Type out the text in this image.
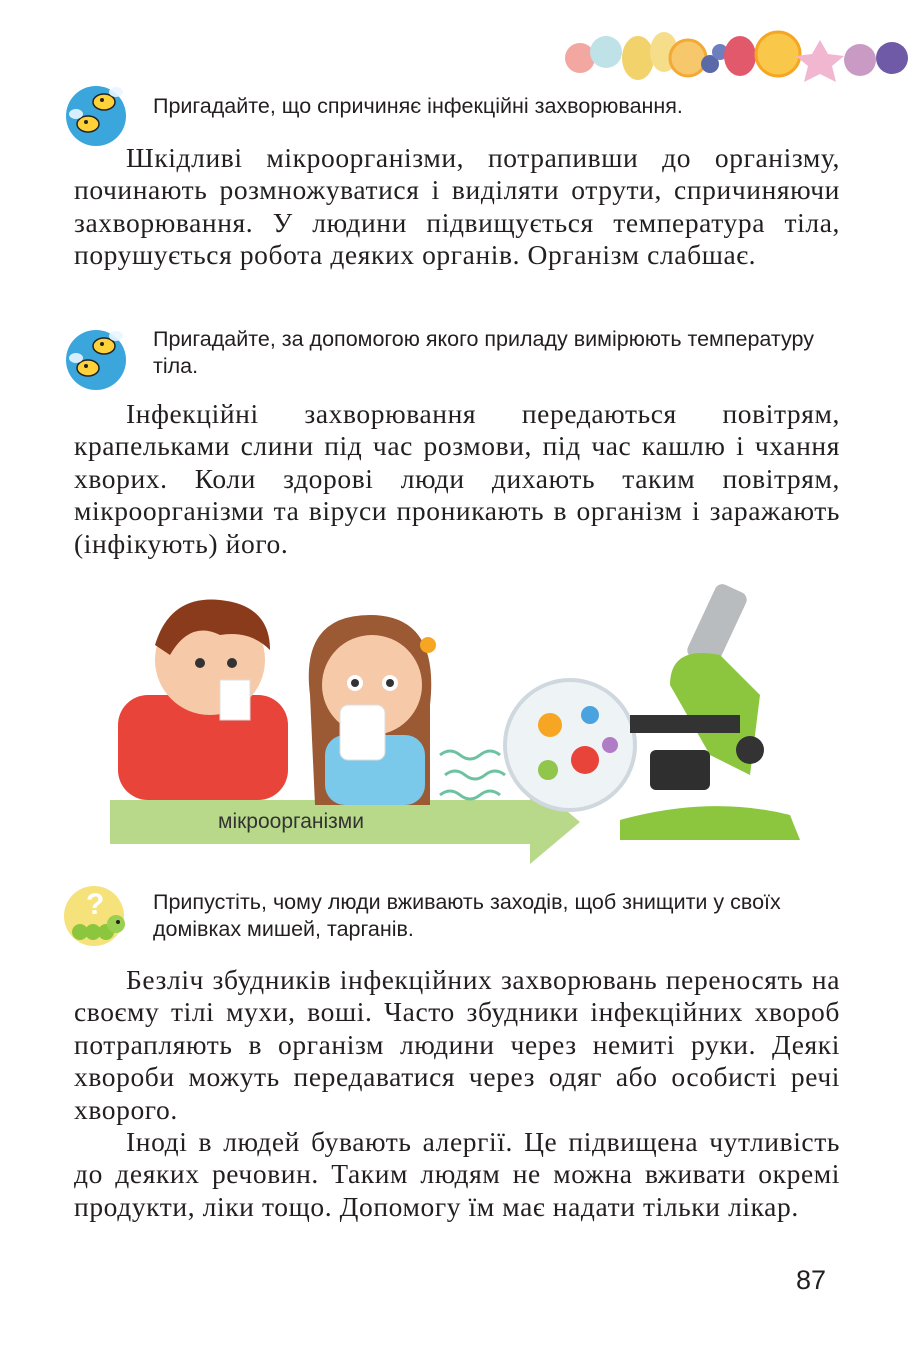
Пригадайте, що спричиняє інфекційні захворювання.

Шкідливі мікроорганізми, потрапивши до організму, починають розмножуватися і виділяти отрути, спричиняючи захворювання. У людини підвищується температура тіла, порушується робота деяких органів. Організм слабшає.

Пригадайте, за допомогою якого приладу вимірюють температуру тіла.

Інфекційні захворювання передаються повітрям, крапельками слини під час розмови, під час кашлю і чхання хворих. Коли здорові люди дихають таким повітрям, мікроорганізми та віруси проникають в організм і заражають (інфікують) його.

мікроорганізми
? Припустіть, чому люди вживають заходів, щоб знищити у своїх домівках мишей, тарганів.

Безліч збудників інфекційних захворювань переносять на своєму тілі мухи, воші. Часто збудники інфекційних хвороб потрапляють в організм людини через немиті руки. Деякі хвороби можуть передаватися через одяг або особисті речі хворого.

Іноді в людей бувають алергії. Це підвищена чутливість до деяких речовин. Таким людям не можна вживати окремі продукти, ліки тощо. Допомогу їм має надати тільки лікар.

87
